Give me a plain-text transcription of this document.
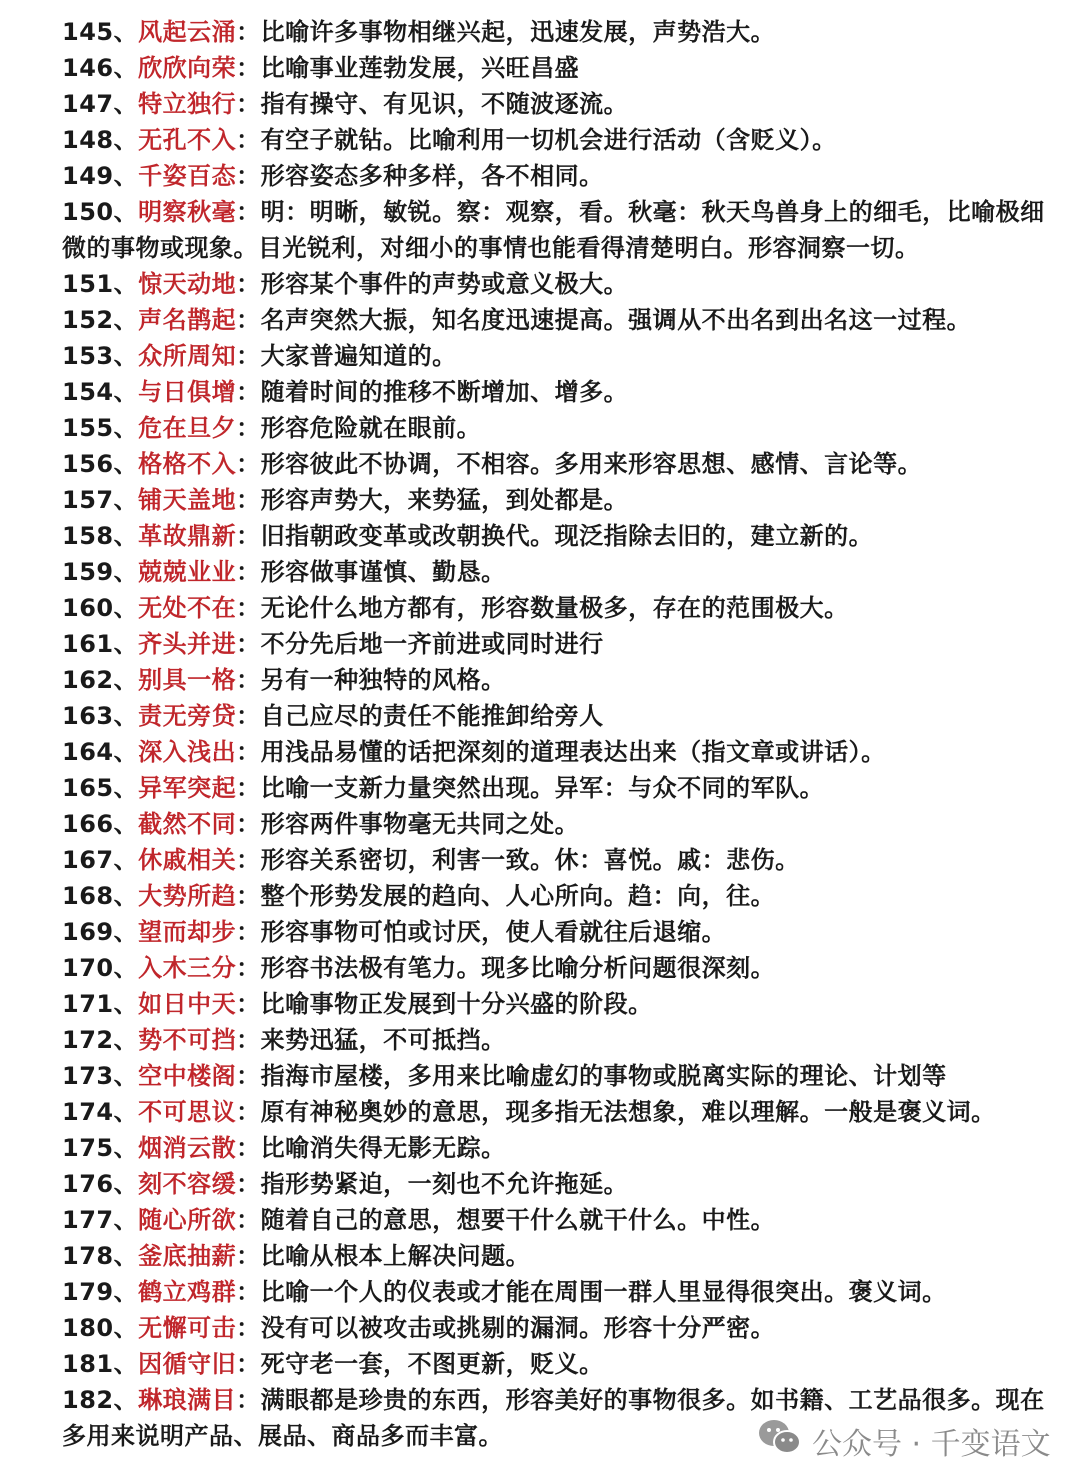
145、风起云涌：比喻许多事物相继兴起，迅速发展，声势浩大。
146、欣欣向荣：比喻事业莲勃发展，兴旺昌盛
147、特立独行：指有操守、有见识，不随波逐流。
148、无孔不入：有空子就钻。比喻利用一切机会进行活动（含贬义）。
149、千姿百态：形容姿态多种多样，各不相同。
150、明察秋毫：明：明晰，敏锐。察：观察，看。秋毫：秋天鸟兽身上的细毛，比喻极细微的事物或现象。目光锐利，对细小的事情也能看得清楚明白。形容洞察一切。
151、惊天动地：形容某个事件的声势或意义极大。
152、声名鹊起：名声突然大振，知名度迅速提高。强调从不出名到出名这一过程。
153、众所周知：大家普遍知道的。
154、与日俱增：随着时间的推移不断增加、增多。
155、危在旦夕：形容危险就在眼前。
156、格格不入：形容彼此不协调，不相容。多用来形容思想、感情、言论等。
157、铺天盖地：形容声势大，来势猛，到处都是。
158、革故鼎新：旧指朝政变革或改朝换代。现泛指除去旧的，建立新的。
159、兢兢业业：形容做事谨慎、勤恳。
160、无处不在：无论什么地方都有，形容数量极多，存在的范围极大。
161、齐头并进：不分先后地一齐前进或同时进行
162、别具一格：另有一种独特的风格。
163、责无旁贷：自己应尽的责任不能推卸给旁人
164、深入浅出：用浅品易懂的话把深刻的道理表达出来（指文章或讲话）。
165、异军突起：比喻一支新力量突然出现。异军：与众不同的军队。
166、截然不同：形容两件事物毫无共同之处。
167、休戚相关：形容关系密切，利害一致。休：喜悦。戚：悲伤。
168、大势所趋：整个形势发展的趋向、人心所向。趋：向，往。
169、望而却步：形容事物可怕或讨厌，使人看就往后退缩。
170、入木三分：形容书法极有笔力。现多比喻分析问题很深刻。
171、如日中天：比喻事物正发展到十分兴盛的阶段。
172、势不可挡：来势迅猛，不可抵挡。
173、空中楼阁：指海市屋楼，多用来比喻虚幻的事物或脱离实际的理论、计划等
174、不可思议：原有神秘奥妙的意思，现多指无法想象，难以理解。一般是褒义词。
175、烟消云散：比喻消失得无影无踪。
176、刻不容缓：指形势紧迫，一刻也不允许拖延。
177、随心所欲：随着自己的意思，想要干什么就干什么。中性。
178、釜底抽薪：比喻从根本上解决问题。
179、鹤立鸡群：比喻一个人的仪表或才能在周围一群人里显得很突出。褒义词。
180、无懈可击：没有可以被攻击或挑剔的漏洞。形容十分严密。
181、因循守旧：死守老一套，不图更新，贬义。
182、琳琅满目：满眼都是珍贵的东西，形容美好的事物很多。如书籍、工艺品很多。现在多用来说明产品、展品、商品多而丰富。	公众号 · 千变语文
